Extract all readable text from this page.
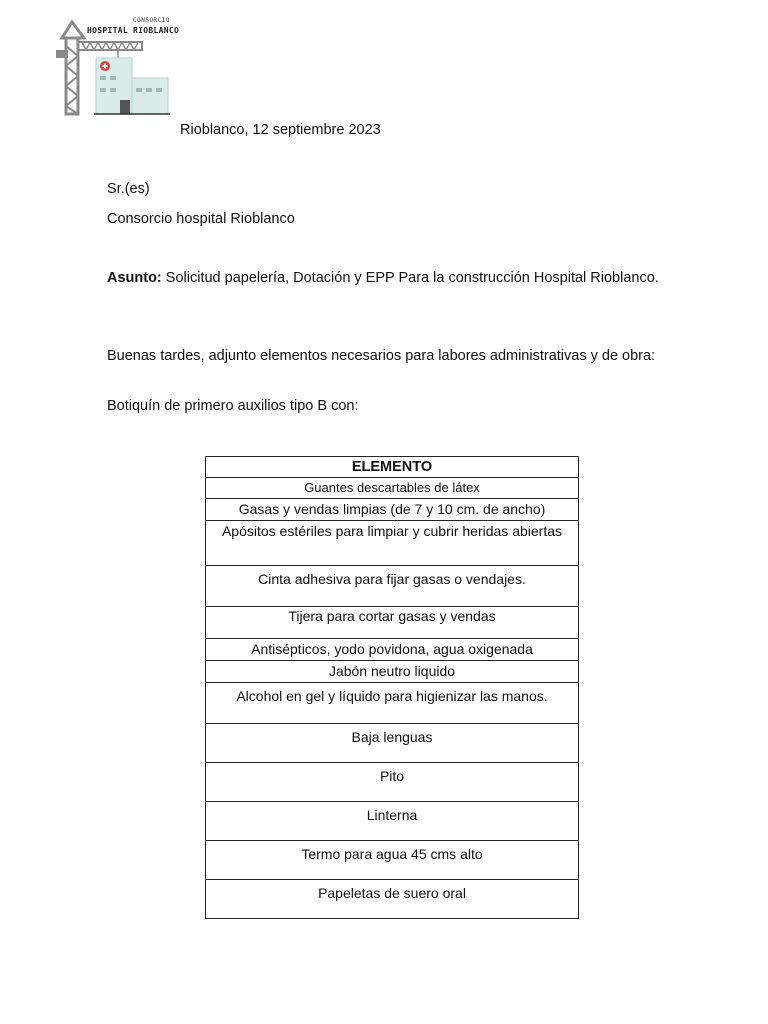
CONSORCIO
HOSPITAL RIOBLANCO
Rioblanco, 12 septiembre 2023
Sr.(es)
Consorcio hospital Rioblanco
Asunto: Solicitud papelería, Dotación y EPP Para la construcción Hospital Rioblanco.
Buenas tardes, adjunto elementos necesarios para labores administrativas y de obra:
Botiquín de primero auxilios tipo B con:
ELEMENTO
Guantes descartables de látex
Gasas y vendas limpias (de 7 y 10 cm. de ancho)
Apósitos estériles para limpiar y cubrir heridas abiertas
Cinta adhesiva para fijar gasas o vendajes.
Tijera para cortar gasas y vendas
Antisépticos, yodo povidona, agua oxigenada
Jabón neutro liquido
Alcohol en gel y líquido para higienizar las manos.
Baja lenguas
Pito
Linterna
Termo para agua 45 cms alto
Papeletas de suero oral
